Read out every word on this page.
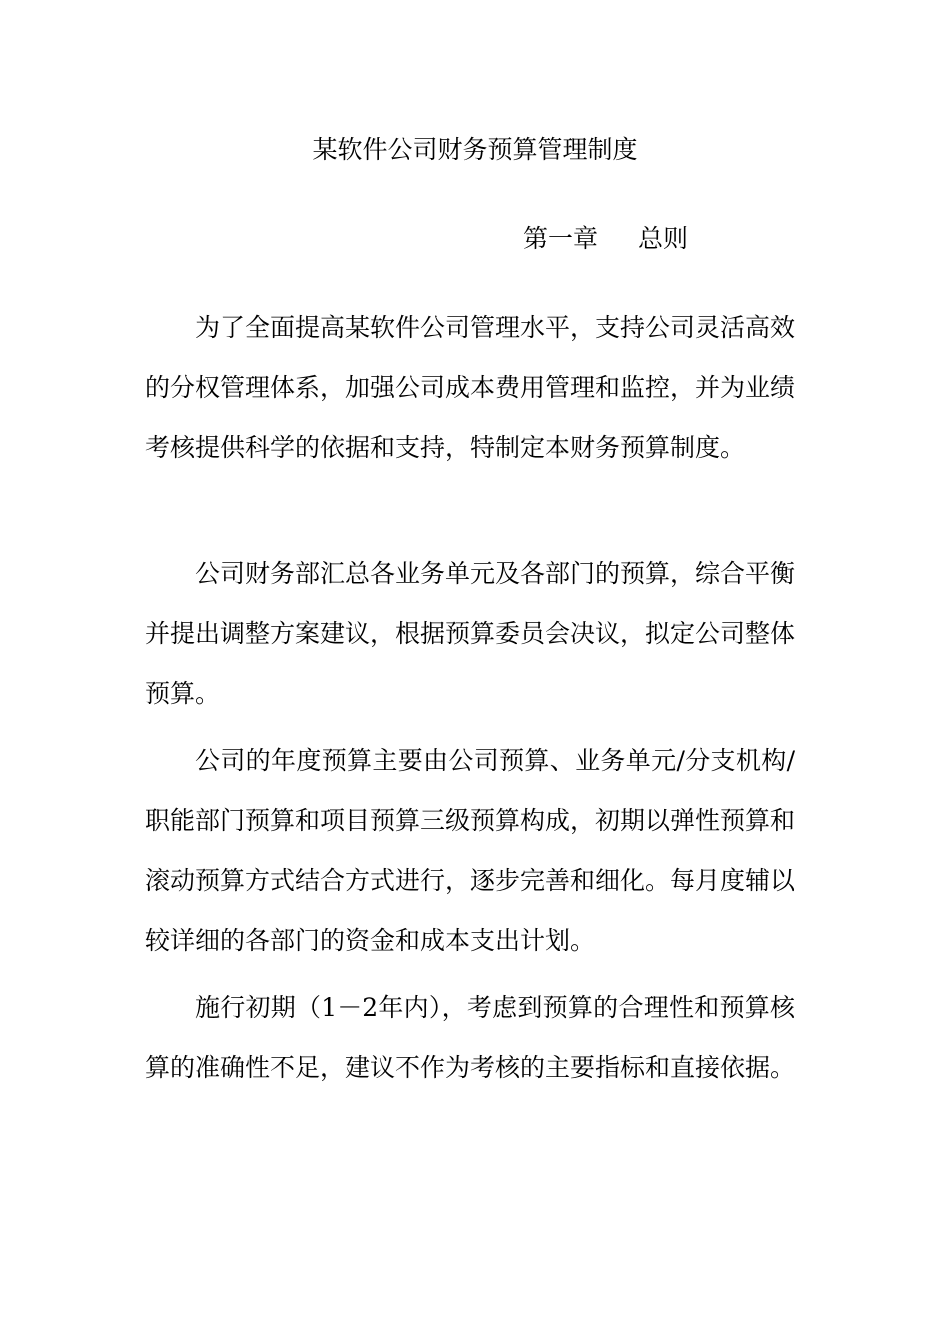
某软件公司财务预算管理制度
第一章 总则

为了全面提高某软件公司管理水平，支持公司灵活高效的分权管理体系，加强公司成本费用管理和监控，并为业绩考核提供科学的依据和支持，特制定本财务预算制度。

公司财务部汇总各业务单元及各部门的预算，综合平衡并提出调整方案建议，根据预算委员会决议，拟定公司整体预算。

公司的年度预算主要由公司预算、业务单元/分支机构/职能部门预算和项目预算三级预算构成，初期以弹性预算和滚动预算方式结合方式进行，逐步完善和细化。每月度辅以较详细的各部门的资金和成本支出计划。

施行初期（1－2年内），考虑到预算的合理性和预算核算的准确性不足，建议不作为考核的主要指标和直接依据。
